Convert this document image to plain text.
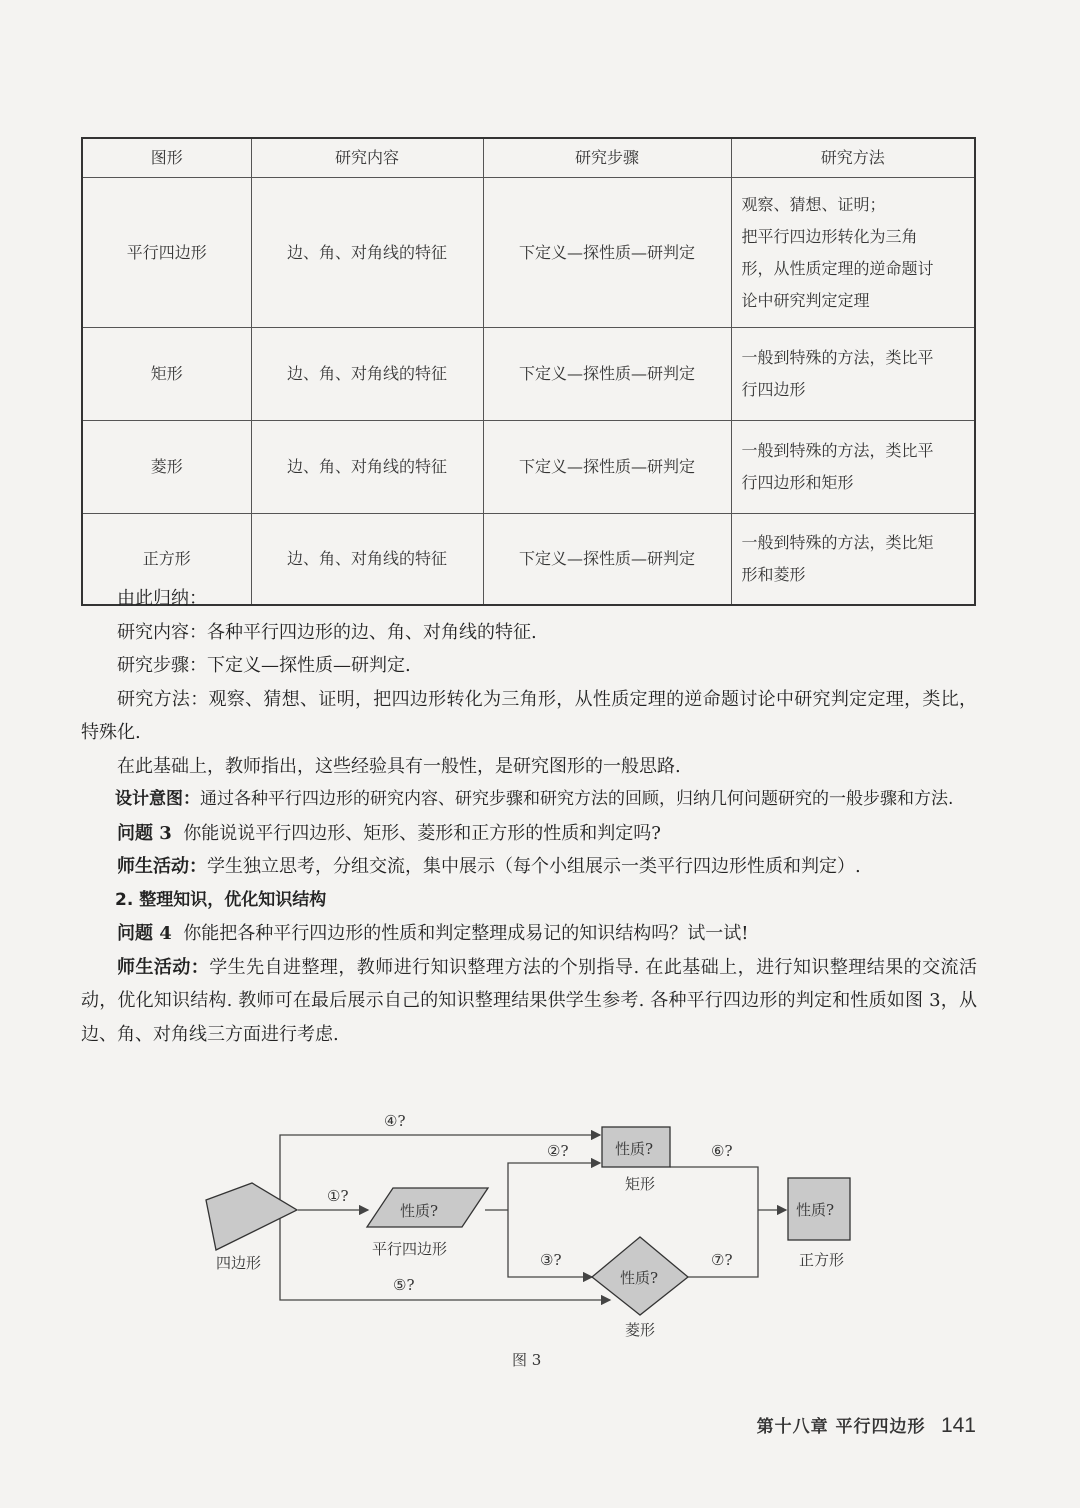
图形	研究内容	研究步骤	研究方法
平行四边形	边、角、对角线的特征	下定义—探性质—研判定	观察、猜想、证明；
把平行四边形转化为三角
形，从性质定理的逆命题讨
论中研究判定定理

矩形	边、角、对角线的特征	下定义—探性质—研判定	一般到特殊的方法，类比平
行四边形

菱形	边、角、对角线的特征	下定义—探性质—研判定	一般到特殊的方法，类比平
行四边形和矩形

正方形	边、角、对角线的特征	下定义—探性质—研判定	一般到特殊的方法，类比矩
形和菱形

由此归纳：

研究内容：各种平行四边形的边、角、对角线的特征.

研究步骤：下定义—探性质—研判定.

研究方法：观察、猜想、证明，把四边形转化为三角形，从性质定理的逆命题讨论中研究判定定理，类比，特殊化.

在此基础上，教师指出，这些经验具有一般性，是研究图形的一般思路.

设计意图：通过各种平行四边形的研究内容、研究步骤和研究方法的回顾，归纳几何问题研究的一般步骤和方法.

问题 3 你能说说平行四边形、矩形、菱形和正方形的性质和判定吗?

师生活动：学生独立思考，分组交流，集中展示（每个小组展示一类平行四边形性质和判定）.

2. 整理知识，优化知识结构

问题 4 你能把各种平行四边形的性质和判定整理成易记的知识结构吗？试一试!

师生活动：学生先自进整理，教师进行知识整理方法的个别指导. 在此基础上，进行知识整理结果的交流活动，优化知识结构. 教师可在最后展示自己的知识整理结果供学生参考. 各种平行四边形的判定和性质如图 3，从边、角、对角线三方面进行考虑.

性质?
性质?
性质?
性质?
四边形
平行四边形
矩形
菱形
正方形
④?
②?
①?
⑥?
③?	⑦?
⑤?
图 3
第十八章 平行四边形 141
